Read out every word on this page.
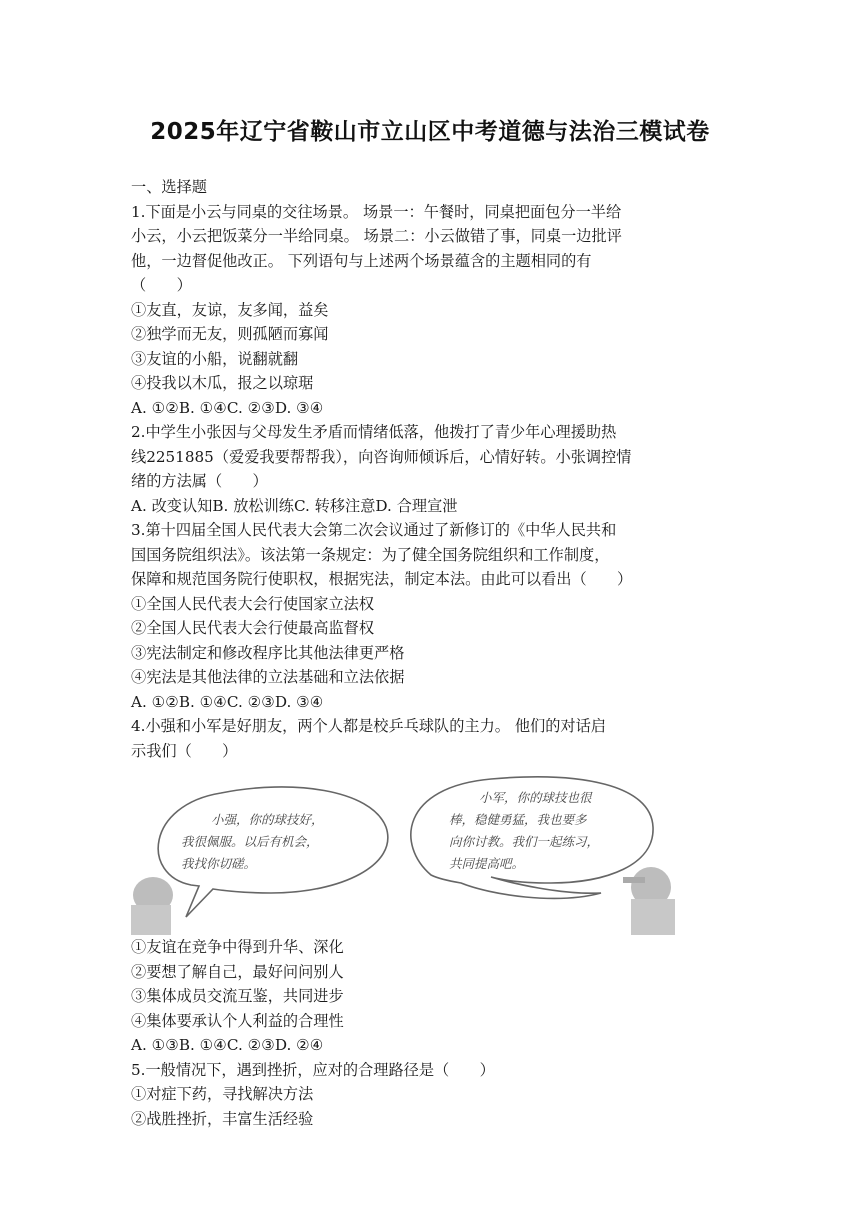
2025年辽宁省鞍山市立山区中考道德与法治三模试卷
一、选择题
1.下面是小云与同桌的交往场景。 场景一：午餐时，同桌把面包分一半给
小云，小云把饭菜分一半给同桌。 场景二：小云做错了事，同桌一边批评
他，一边督促他改正。 下列语句与上述两个场景蕴含的主题相同的有
（　　）
①友直，友谅，友多闻，益矣
②独学而无友，则孤陋而寡闻
③友谊的小船，说翻就翻
④投我以木瓜，报之以琼琚
A. ①②B. ①④C. ②③D. ③④
2.中学生小张因与父母发生矛盾而情绪低落，他拨打了青少年心理援助热
线2251885（爱爱我要帮帮我），向咨询师倾诉后，心情好转。小张调控情
绪的方法属（　　）
A. 改变认知B. 放松训练C. 转移注意D. 合理宣泄
3.第十四届全国人民代表大会第二次会议通过了新修订的《中华人民共和
国国务院组织法》。该法第一条规定：为了健全国务院组织和工作制度，
保障和规范国务院行使职权，根据宪法，制定本法。由此可以看出（　　）
①全国人民代表大会行使国家立法权
②全国人民代表大会行使最高监督权
③宪法制定和修改程序比其他法律更严格
④宪法是其他法律的立法基础和立法依据
A. ①②B. ①④C. ②③D. ③④
4.小强和小军是好朋友，两个人都是校乒乓球队的主力。 他们的对话启
示我们（　　）
小强，你的球技好，
我很佩服。以后有机会，
我找你切磋。
小军，你的球技也很
棒，稳健勇猛，我也要多
向你讨教。我们一起练习，
共同提高吧。
①友谊在竞争中得到升华、深化
②要想了解自己，最好问问别人
③集体成员交流互鉴，共同进步
④集体要承认个人利益的合理性
A. ①③B. ①④C. ②③D. ②④
5.一般情况下，遇到挫折，应对的合理路径是（　　）
①对症下药，寻找解决方法
②战胜挫折，丰富生活经验
